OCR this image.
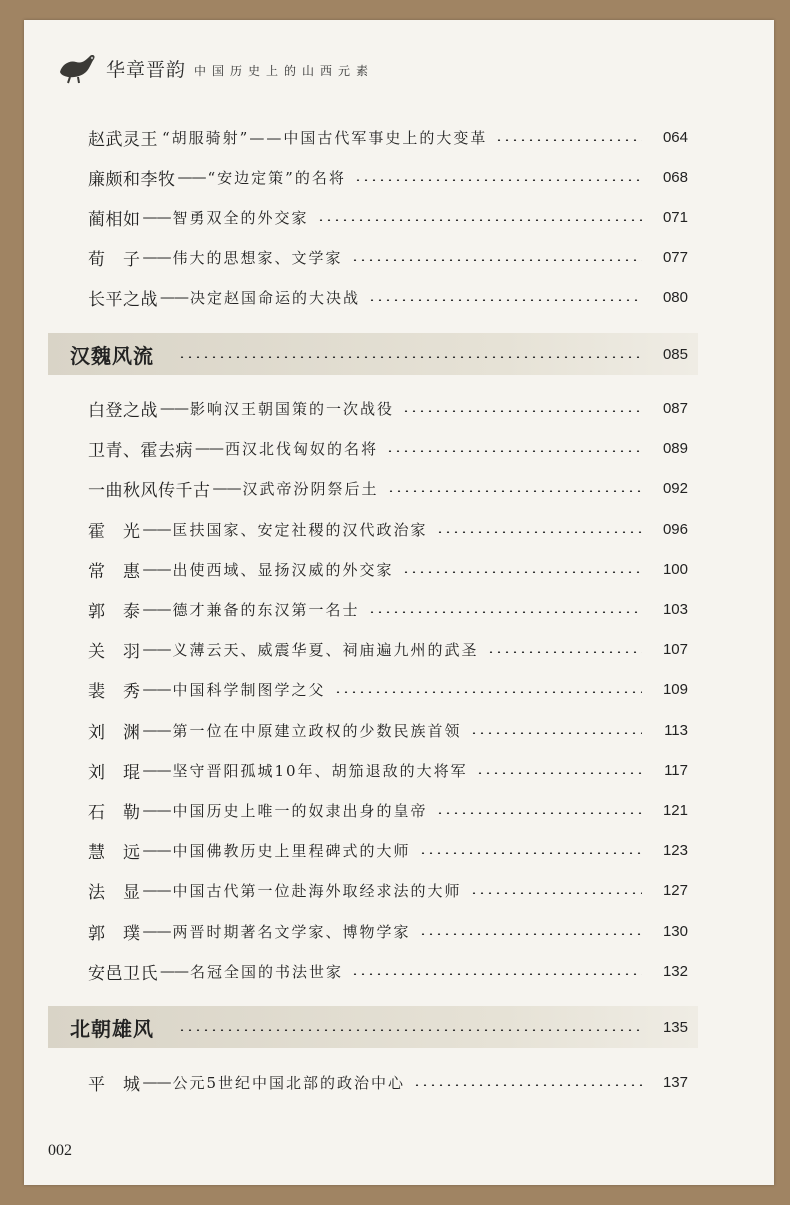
华章晋韵 中国历史上的山西元素
赵武灵王 “胡服骑射”——中国古代军事史上的大变革	064
廉颇和李牧 —— “安边定策”的名将	068
蔺相如 —— 智勇双全的外交家	071
荀　子 —— 伟大的思想家、文学家	077
长平之战 —— 决定赵国命运的大决战	080
汉魏风流	085
白登之战 —— 影响汉王朝国策的一次战役	087
卫青、霍去病 —— 西汉北伐匈奴的名将	089
一曲秋风传千古 —— 汉武帝汾阴祭后土	092
霍　光 —— 匡扶国家、安定社稷的汉代政治家	096
常　惠 —— 出使西域、显扬汉威的外交家	100
郭　泰 —— 德才兼备的东汉第一名士	103
关　羽 —— 义薄云天、威震华夏、祠庙遍九州的武圣	107
裴　秀 —— 中国科学制图学之父	109
刘　渊 —— 第一位在中原建立政权的少数民族首领	113
刘　琨 —— 坚守晋阳孤城10年、胡笳退敌的大将军	117
石　勒 —— 中国历史上唯一的奴隶出身的皇帝	121
慧　远 —— 中国佛教历史上里程碑式的大师	123
法　显 —— 中国古代第一位赴海外取经求法的大师	127
郭　璞 —— 两晋时期著名文学家、博物学家	130
安邑卫氏 —— 名冠全国的书法世家	132
北朝雄风	135
平　城 —— 公元5世纪中国北部的政治中心	137
002
